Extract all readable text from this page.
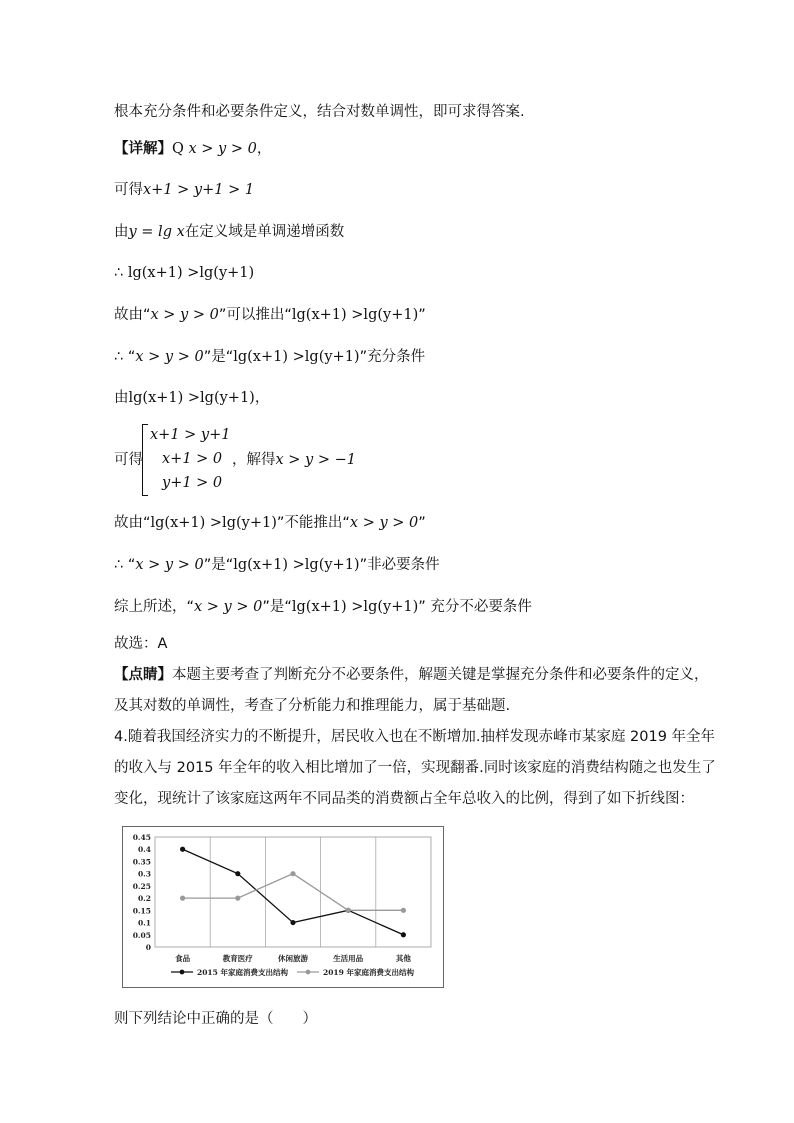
根本充分条件和必要条件定义，结合对数单调性，即可求得答案.
【详解】Q x > y > 0，
可得x+1 > y+1 > 1
由y = lg x在定义域是单调递增函数
∴ lg(x+1) >lg(y+1)
故由“x > y > 0”可以推出“lg(x+1) >lg(y+1)”
∴ “x > y > 0”是“lg(x+1) >lg(y+1)”充分条件
由lg(x+1) >lg(y+1)，
可得
x+1 > y+1
x+1 > 0
y+1 > 0
，解得x > y > −1
故由“lg(x+1) >lg(y+1)”不能推出“x > y > 0”
∴ “x > y > 0”是“lg(x+1) >lg(y+1)”非必要条件
综上所述，“x > y > 0”是“lg(x+1) >lg(y+1)” 充分不必要条件
故选：A
【点睛】本题主要考查了判断充分不必要条件，解题关键是掌握充分条件和必要条件的定义，
及其对数的单调性，考查了分析能力和推理能力，属于基础题.
4.随着我国经济实力的不断提升，居民收入也在不断增加.抽样发现赤峰市某家庭 2019 年全年
的收入与 2015 年全年的收入相比增加了一倍，实现翻番.同时该家庭的消费结构随之也发生了
变化，现统计了该家庭这两年不同品类的消费额占全年总收入的比例，得到了如下折线图：
0
0.05
0.1
0.15
0.2
0.25
0.3
0.35
0.4
0.45
食品	教育医疗	休闲旅游	生活用品	其他
2015 年家庭消费支出结构	2019 年家庭消费支出结构
则下列结论中正确的是（　　）
